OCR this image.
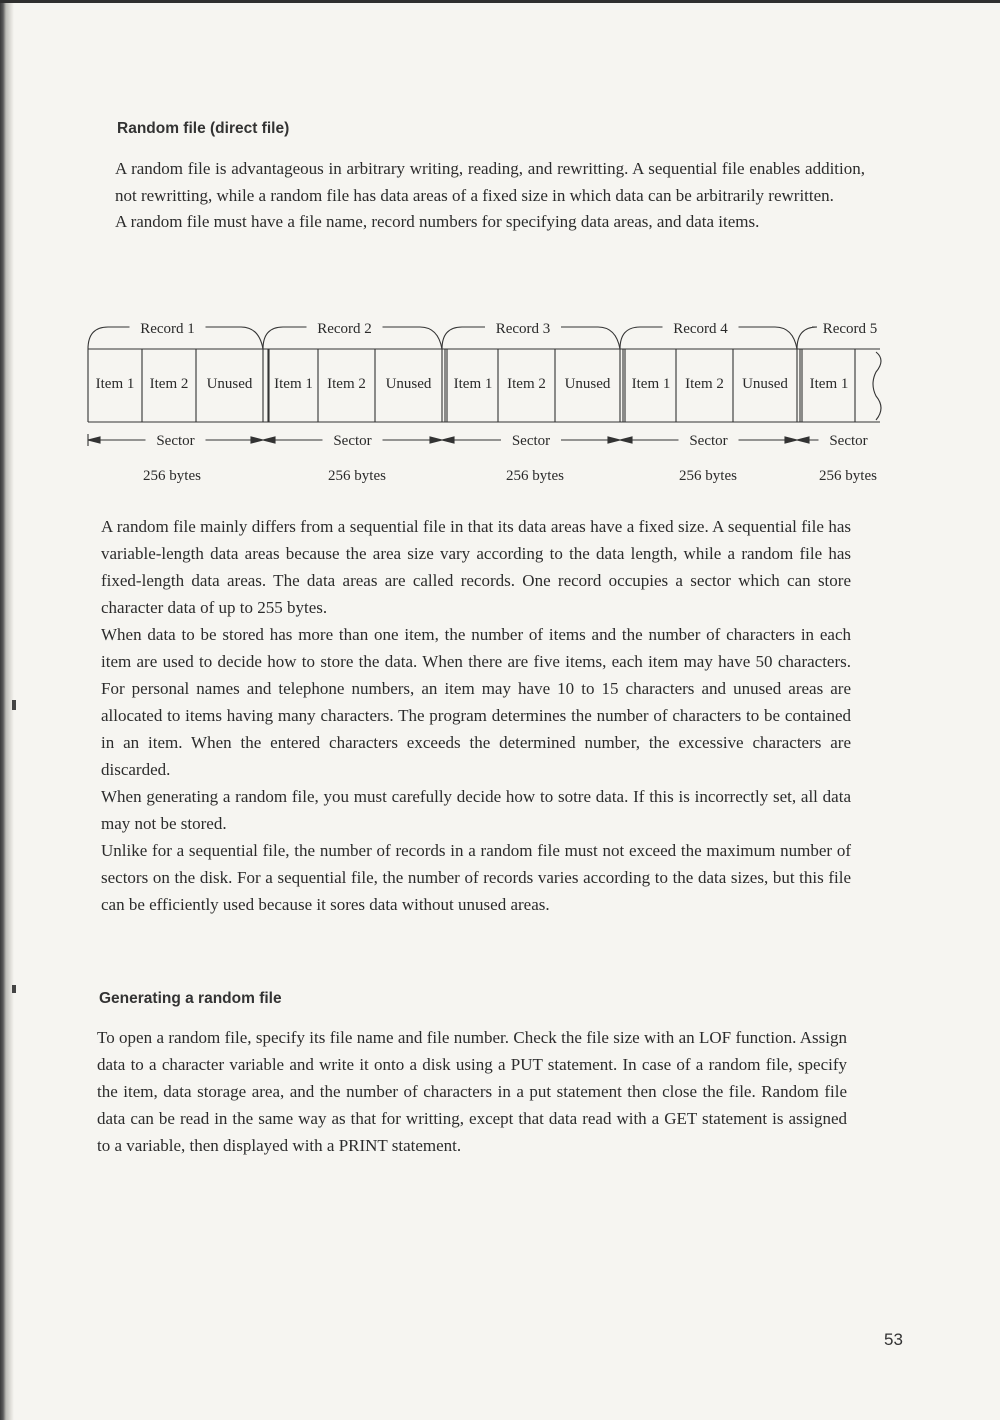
Random file (direct file)

A random file is advantageous in arbitrary writing, reading, and rewritting. A sequential file enables addition, not rewritting, while a random file has data areas of a fixed size in which data can be arbitrarily rewritten.

A random file must have a file name, record numbers for specifying data areas, and data items.

Record 1	Record 2	Record 3	Record 4	Record 5
Item 1 Item 2 Unused Item 1 Item 2 Unused Item 1 Item 2 Unused Item 1 Item 2 Unused Item 1
Sector	Sector	Sector	Sector	Sector
256 bytes	256 bytes	256 bytes	256 bytes	256 bytes

A random file mainly differs from a sequential file in that its data areas have a fixed size. A sequential file has variable-length data areas because the area size vary according to the data length, while a random file has fixed-length data areas. The data areas are called records. One record occupies a sector which can store character data of up to 255 bytes.

When data to be stored has more than one item, the number of items and the number of characters in each item are used to decide how to store the data. When there are five items, each item may have 50 characters. For personal names and telephone numbers, an item may have 10 to 15 characters and unused areas are allocated to items having many characters. The program determines the number of characters to be contained in an item. When the entered characters exceeds the determined number, the excessive characters are discarded.

When generating a random file, you must carefully decide how to sotre data. If this is incorrectly set, all data may not be stored.

Unlike for a sequential file, the number of records in a random file must not exceed the maximum number of sectors on the disk. For a sequential file, the number of records varies according to the data sizes, but this file can be efficiently used because it sores data without unused areas.

Generating a random file

To open a random file, specify its file name and file number. Check the file size with an LOF function. Assign data to a character variable and write it onto a disk using a PUT statement. In case of a random file, specify the item, data storage area, and the number of characters in a put statement then close the file. Random file data can be read in the same way as that for writting, except that data read with a GET statement is assigned to a variable, then displayed with a PRINT statement.

53
